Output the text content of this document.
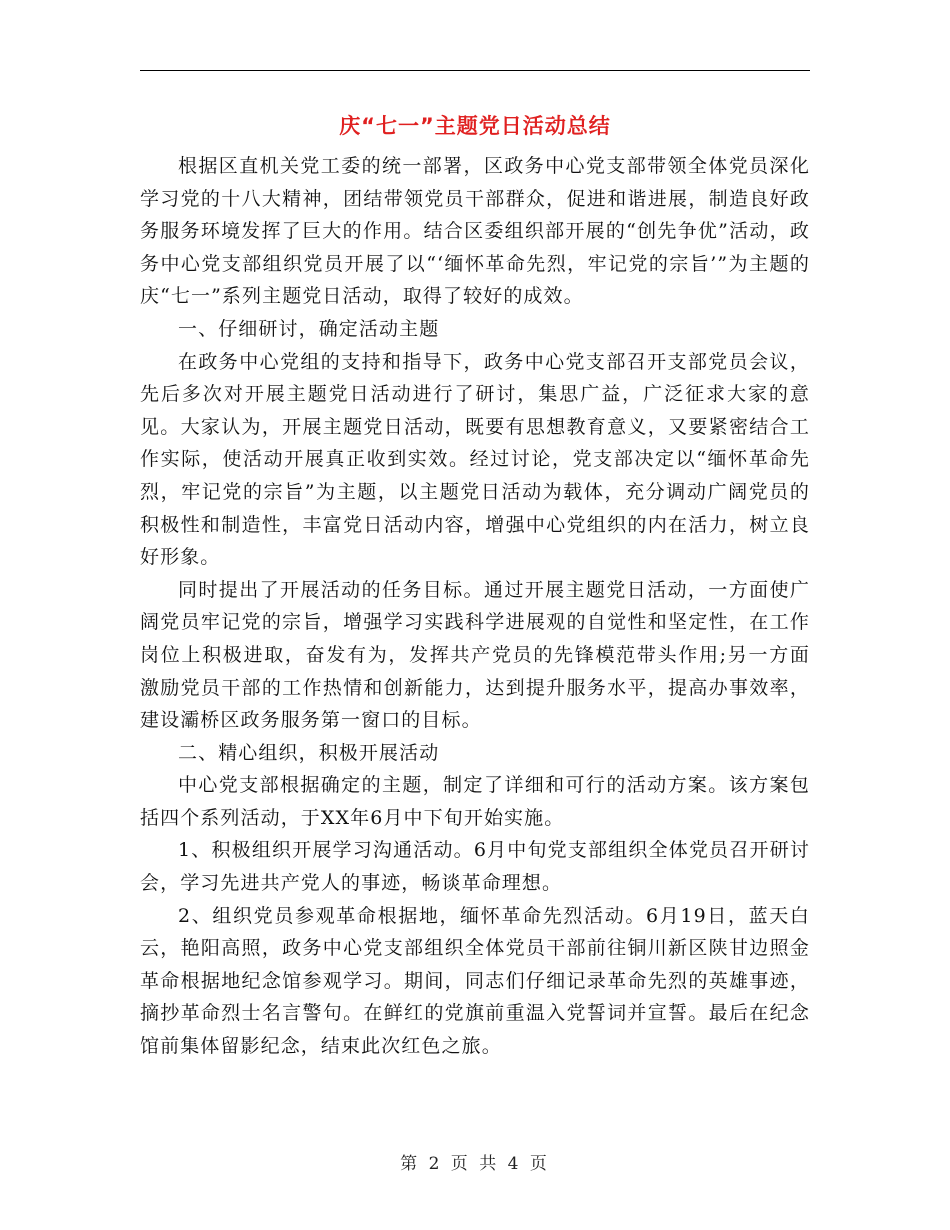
庆“七一”主题党日活动总结

根据区直机关党工委的统一部署，区政务中心党支部带领全体党员深化学习党的十八大精神，团结带领党员干部群众，促进和谐进展，制造良好政务服务环境发挥了巨大的作用。结合区委组织部开展的“创先争优”活动，政务中心党支部组织党员开展了以“‘缅怀革命先烈，牢记党的宗旨’”为主题的庆“七一”系列主题党日活动，取得了较好的成效。

一、仔细研讨，确定活动主题

在政务中心党组的支持和指导下，政务中心党支部召开支部党员会议，先后多次对开展主题党日活动进行了研讨，集思广益，广泛征求大家的意见。大家认为，开展主题党日活动，既要有思想教育意义，又要紧密结合工作实际，使活动开展真正收到实效。经过讨论，党支部决定以“缅怀革命先烈，牢记党的宗旨”为主题，以主题党日活动为载体，充分调动广阔党员的积极性和制造性，丰富党日活动内容，增强中心党组织的内在活力，树立良好形象。

同时提出了开展活动的任务目标。通过开展主题党日活动，一方面使广阔党员牢记党的宗旨，增强学习实践科学进展观的自觉性和坚定性，在工作岗位上积极进取，奋发有为，发挥共产党员的先锋模范带头作用;另一方面激励党员干部的工作热情和创新能力，达到提升服务水平，提高办事效率，建设灞桥区政务服务第一窗口的目标。

二、精心组织，积极开展活动

中心党支部根据确定的主题，制定了详细和可行的活动方案。该方案包括四个系列活动，于XX年6月中下旬开始实施。

1、积极组织开展学习沟通活动。6月中旬党支部组织全体党员召开研讨会，学习先进共产党人的事迹，畅谈革命理想。

2、组织党员参观革命根据地，缅怀革命先烈活动。6月19日，蓝天白云，艳阳高照，政务中心党支部组织全体党员干部前往铜川新区陕甘边照金革命根据地纪念馆参观学习。期间，同志们仔细记录革命先烈的英雄事迹，摘抄革命烈士名言警句。在鲜红的党旗前重温入党誓词并宣誓。最后在纪念馆前集体留影纪念，结束此次红色之旅。

第 2 页 共 4 页
